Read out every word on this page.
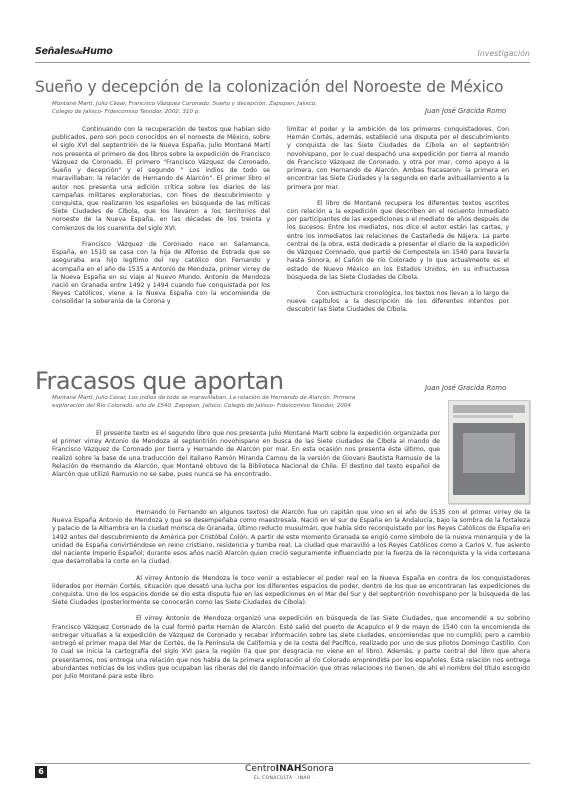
SeñalesdeHumo	Investigación
Sueño y decepción de la colonización del Noroeste de México
Montané Martí, Julio César, Francisco Vázquez Coronado. Sueño y decepción, Zapopan, Jalisco,
Colegio de Jalisco- Fideicomiso Teixidor, 2002, 310 p.	Juan José Gracida Romo

Continuando con la recuperación de textos que habían sido publicados, pero son poco conocidos en el noroeste de México, sobre el siglo XVI del septentrión de la Nueva España, Julio Montané Martí nos presenta el primero de dos libros sobre la expedición de Francisco Vázquez de Coronado. El primero "Francisco Vázquez de Coronado, Sueño y decepción" y el segundo " Los indios de todo se maravillaban: la relación de Hernando de Alarcón". El primer libro el autor nos presenta una edición crítica sobre los diarios de las campañas militares exploratorias, con fines de descubrimiento y conquista, que realizaron los españoles en búsqueda de las míticas Siete Ciudades de Cíbola, que los llevaron a los territorios del noroeste de la Nueva España, en las décadas de los treinta y comienzos de los cuarenta del siglo XVI.

Francisco Vázquez de Coronado nace en Salamanca, España, en 1510 se casa con la hija de Alfonso de Estrada que se aseguraba era hijo legítimo del rey católico don Fernando y acompaña en el año de 1535 a Antonio de Mendoza, primer virrey de la Nueva España en su viaje al Nuevo Mundo. Antonio de Mendoza nació en Granada entre 1492 y 1494 cuando fue conquistada por los Reyes Católicos, viene a la Nueva España con la encomienda de consolidar la soberanía de la Corona y

limitar el poder y la ambición de los primeros conquistadores. Con Hernán Cortés, además, estableció una disputa por el descubrimiento y conquista de las Siete Ciudades de Cíbola en el septentrión novohispano, por lo cual despachó una expedición por tierra al mando de Francisco Vázquez de Coronado, y otra por mar, como apoyo a la primera, con Hernando de Alarcón. Ambas fracasaron: la primera en encontrar las Siete Ciudades y la segunda en darle avituallamiento a la primera por mar.

El libro de Montané recupera los diferentes textos escritos con relación a la expedición que describen en el recuento inmediato por participantes de las expediciones o el mediato de años después de los sucesos. Entre los mediatos, nos dice el autor están las cartas, y entre los inmediatos las relaciones de Castañeda de Nájera. La parte central de la obra, está dedicada a presentar el diario de la expedición de Vázquez Coronado, que partió de Compostela en 1540 para llevarla hasta Sonora, el Cañón de río Colorado y lo que actualmente es el estado de Nuevo México en los Estados Unidos, en su infructuosa búsqueda de las Siete Ciudades de Cíbola.

Con estructura cronológica, los textos nos llevan a lo largo de nueve capítulos a la descripción de los diferentes intentos por descubrir las Siete Ciudades de Cíbola.

Fracasos que aportan	Juan José Gracida Romo
Montané Martí, Julio César, Los indios de todo se maravillaban. La relación de Hernando de Alarcón. Primera
exploración del Río Colorado, año de 1540. Zapopan, Jalisco, Colegio de Jalisco- Fideicomiso Teixidor, 2004

El presente texto es el segundo libro que nos presenta Julio Montané Martí sobre la expedición organizada por el primer virrey Antonio de Mendoza al septentrión novohispano en busca de las Siete ciudades de Cíbola al mando de Francisco Vázquez de Coronado por tierra y Hernando de Alarcón por mar. En esta ocasión nos presenta éste último, que realizó sobre la base de una traducción del italiano Ramón Miranda Camou de la versión de Giovani Bautista Ramusio de la Relación de Hernando de Alarcón, que Montané obtuvo de la Biblioteca Nacional de Chile. El destino del texto español de Alarcón que utilizó Ramusio no se sabe, pues nunca se ha encontrado.

Hernando (o Fernando en algunos textos) de Alarcón fue un capitán que vino en el año de 1535 con el primer virrey de la Nueva España Antonio de Mendoza y que se desempeñaba como maestresala. Nació en el sur de España en la Andalucía, bajo la sombra de la fortaleza y palacio de la Alhambra en la ciudad morisca de Granada, último reducto musulmán, que había sido reconquistado por los Reyes Católicos de España en 1492 antes del descubrimiento de América por Cristóbal Colón. A partir de este momento Granada se erigió como símbolo de la nueva monarquía y de la unidad de España convirtiéndose en reino cristiano, residencia y tumba real. La ciudad que maravilló a los Reyes Católicos como a Carlos V, fue asiento del naciente Imperio Español; durante esos años nació Alarcón quien creció seguramente influenciado por la fuerza de la reconquista y la vida cortesana que desarrollaba la corte en la ciudad.

Al virrey Antonio de Mendoza le toco venir a establecer el poder real en la Nueva España en contra de los conquistadores liderados por Hernán Cortés, situación que desató una lucha por los diferentes espacios de poder, dentro de los que se encontraran las expediciones de conquista. Uno de los espacios donde se dio esta disputa fue en las expediciones en el Mar del Sur y del septentrión novohispano por la búsqueda de las Siete Ciudades (posteriormente se conocerán como las Siete Ciudades de Cíbola).

El virrey Antonio de Mendoza organizó una expedición en búsqueda de las Siete Ciudades, que encomendó a su sobrino Francisco Vázquez Coronado de la cual formó parte Hernán de Alarcón. Esté salió del puerto de Acapulco el 9 de mayo de 1540 con la encomienda de entregar vituallas a la expedición de Vázquez de Coronado y recabar información sobre las siete ciudades, encomiendas que no cumplió; pero a cambio entregó el primer mapa del Mar de Cortés, de la Península de California y de la costa del Pacífico, realizado por uno de sus pilotos Domingo Castillo. Con lo cual se inicia la cartografía del siglo XVI para la región (la que por desgracia no viene en el libro). Además, y parte central del libro que ahora presentamos, nos entrega una relación que nos habla de la primera exploración al río Colorado emprendida por los españoles. Esta relación nos entrega abundantes noticias de los indios que ocupaban las riberas del río dando información que otras relaciones no tienen, de ahí el nombre del título escogido por Julio Montané para este libro.

6	CentroINAHSonora
EL CONACULTA · INAH ·
